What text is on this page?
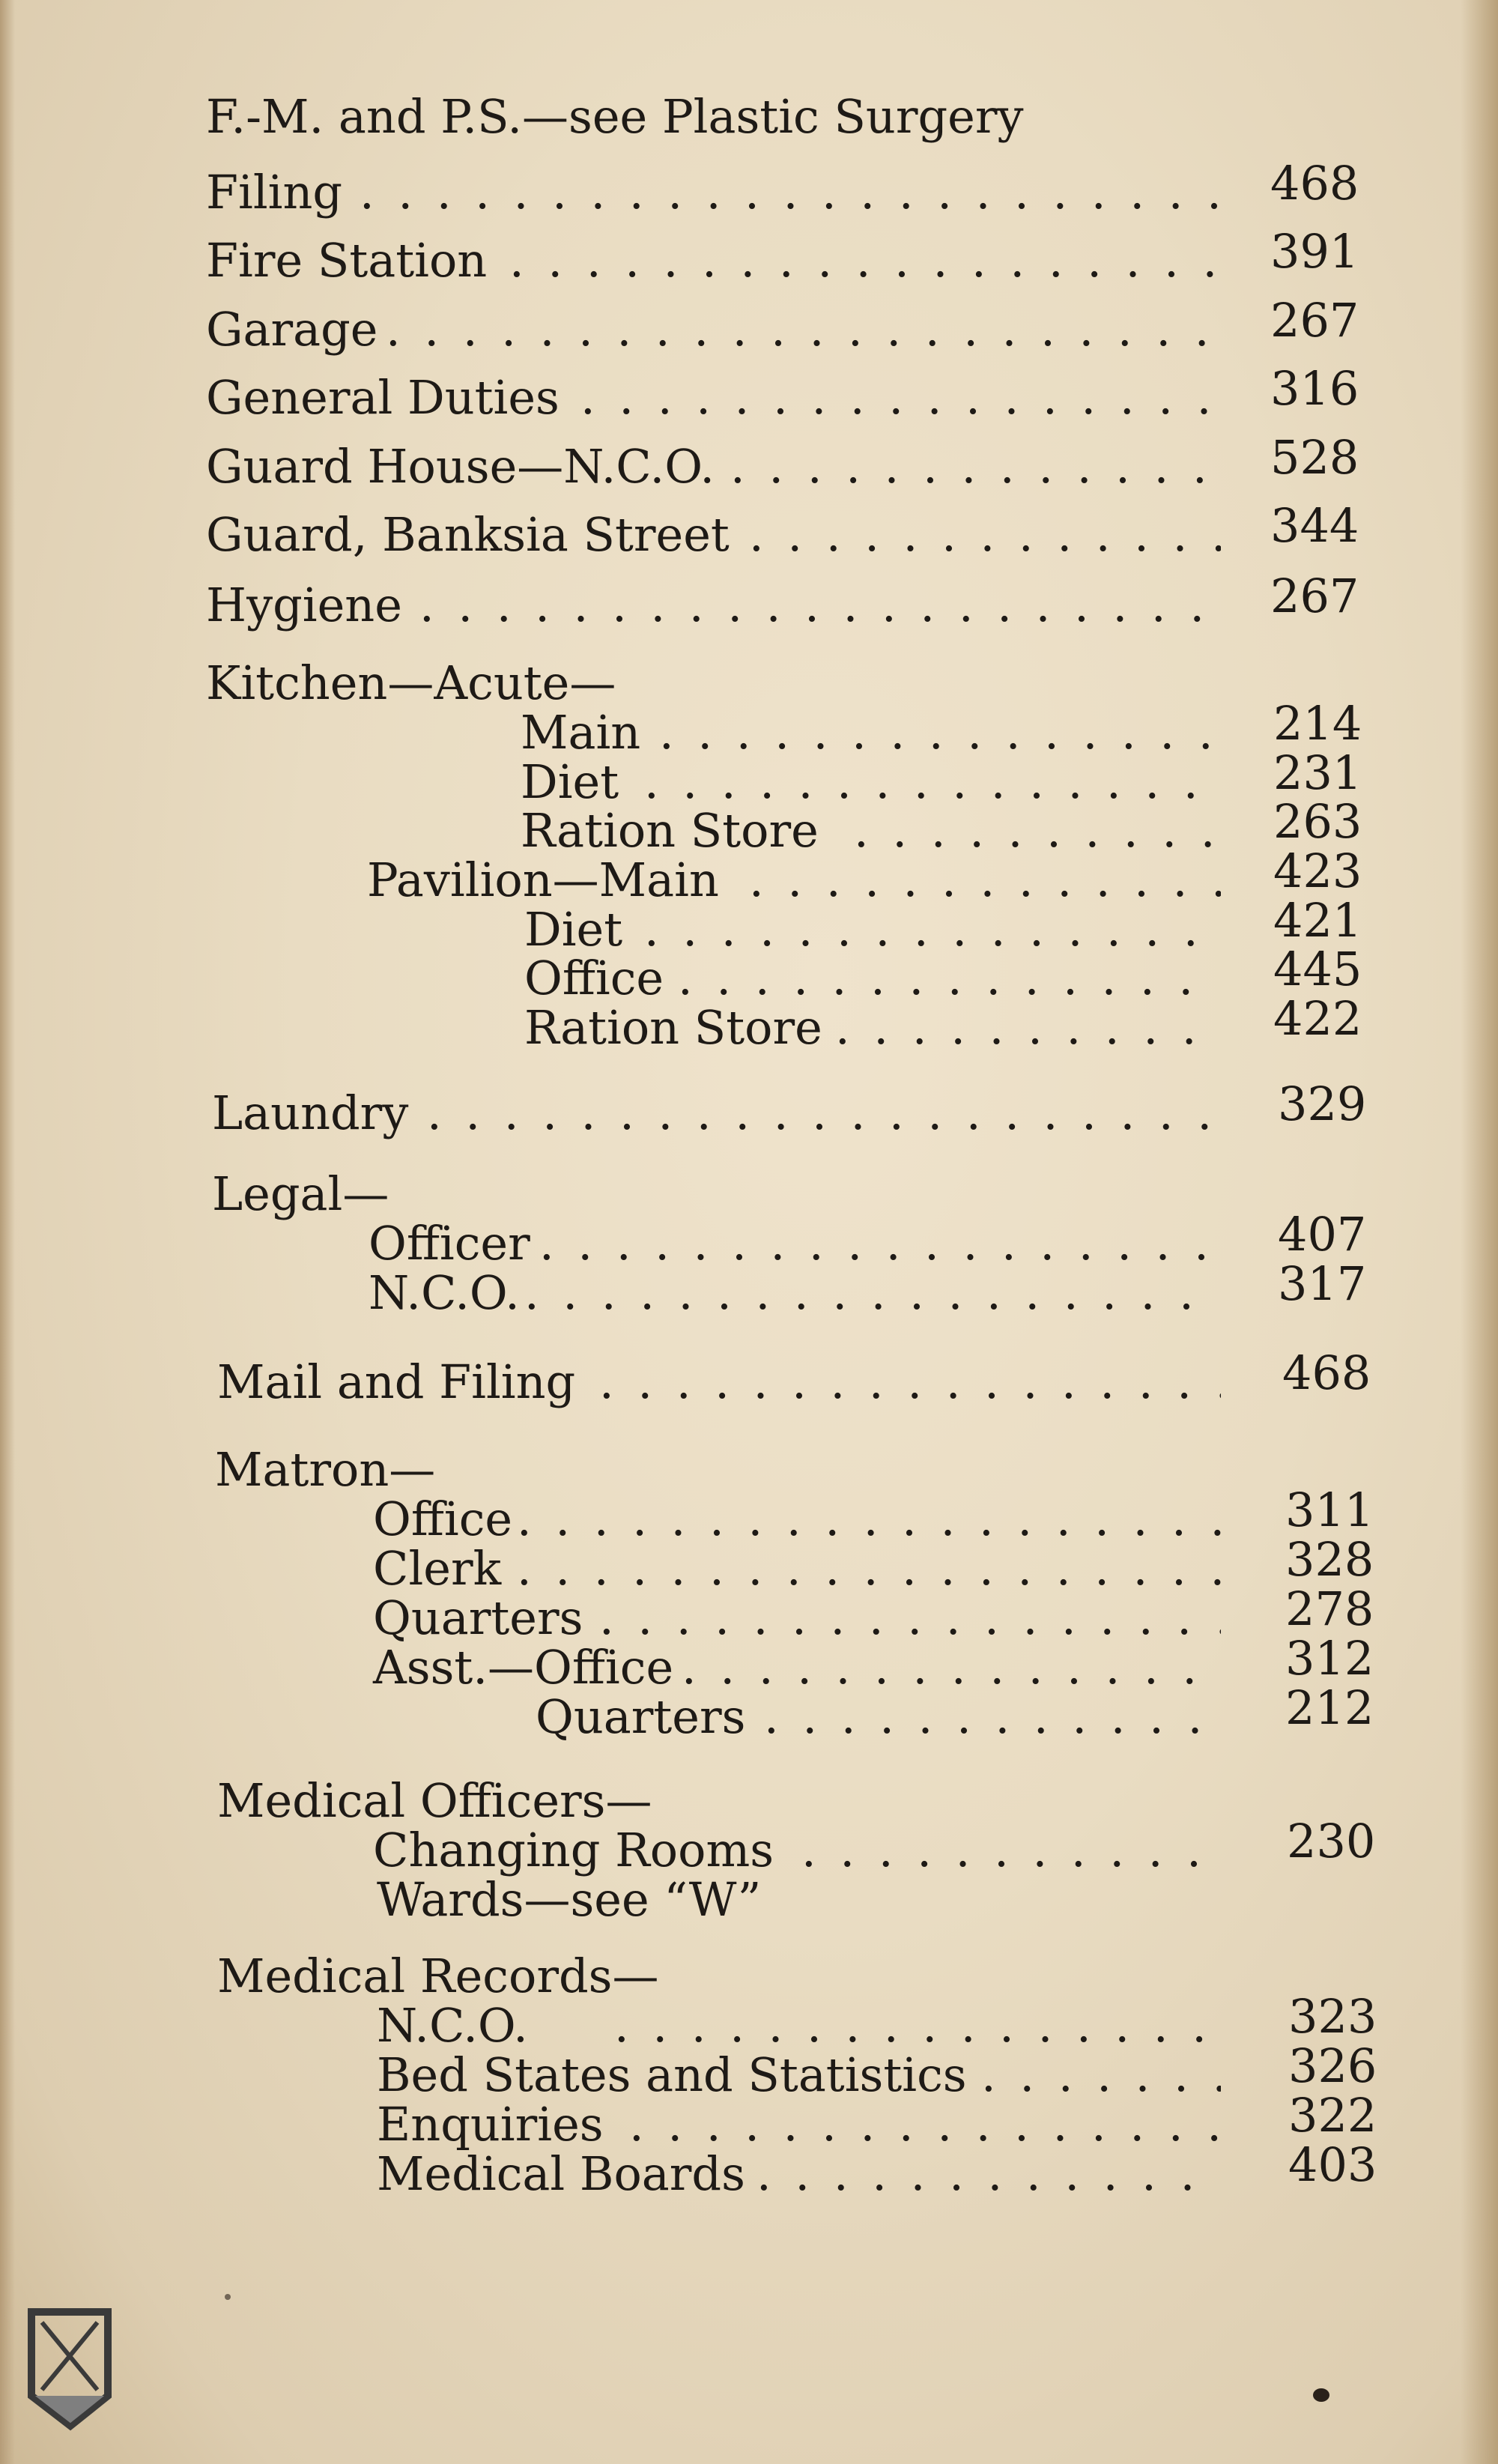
F.-M. and P.S.—see Plastic Surgery
. . .
Filing	468
. . .
Fire Station	391
. . .
Garage	267
. . .
General Duties	316
. . .
Guard House—N.C.O.	528
. . .
Guard, Banksia Street	344
. . .
Hygiene	267
Kitchen—Acute—
. . .
Main	214
. . .
Diet	231
. . .
Ration Store	263
. . .
Pavilion—Main	423
. . .
Diet	421
. . .
Office	445
. . .
Ration Store	422
. . .
Laundry	329
Legal—
. . .
Officer	407
. . .
N.C.O.	317
. . .
Mail and Filing	468
Matron—
. . .
Office	311
. . .
Clerk	328
. . .
Quarters	278
. . .
Asst.—Office	312
. . .
Quarters	212
Medical Officers—
. . .
Changing Rooms	230
Wards—see “W”
Medical Records—
. . .
N.C.O.	323
. . .
Bed States and Statistics	326
. . .
Enquiries	322
. . .
Medical Boards	403
